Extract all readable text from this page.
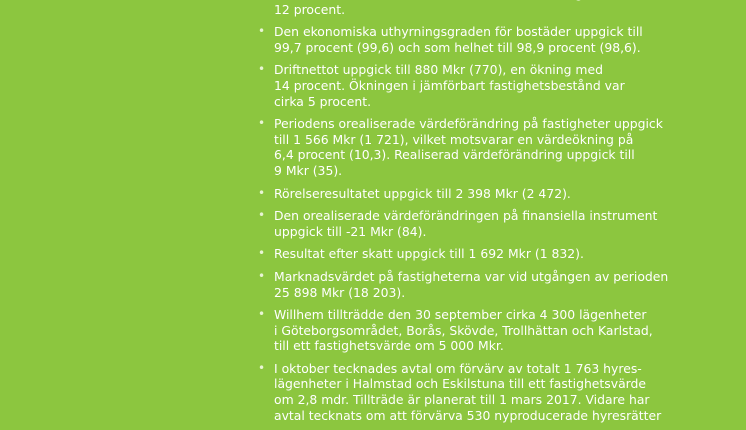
12 procent.
• Den ekonomiska uthyrningsgraden för bostäder uppgick till
99,7 procent (99,6) och som helhet till 98,9 procent (98,6).
• Driftnettot uppgick till 880 Mkr (770), en ökning med
14 procent. Ökningen i jämförbart fastighetsbestånd var
cirka 5 procent.
• Periodens orealiserade värdeförändring på fastigheter uppgick
till 1 566 Mkr (1 721), vilket motsvarar en värdeökning på
6,4 procent (10,3). Realiserad värdeförändring uppgick till
9 Mkr (35).
• Rörelseresultatet uppgick till 2 398 Mkr (2 472).
• Den orealiserade värdeförändringen på finansiella instrument
uppgick till -21 Mkr (84).
• Resultat efter skatt uppgick till 1 692 Mkr (1 832).
• Marknadsvärdet på fastigheterna var vid utgången av perioden
25 898 Mkr (18 203).
• Willhem tillträdde den 30 september cirka 4 300 lägenheter
i Göteborgsområdet, Borås, Skövde, Trollhättan och Karlstad,
till ett fastighetsvärde om 5 000 Mkr.
• I oktober tecknades avtal om förvärv av totalt 1 763 hyres-
lägenheter i Halmstad och Eskilstuna till ett fastighetsvärde
om 2,8 mdr. Tillträde är planerat till 1 mars 2017. Vidare har
avtal tecknats om att förvärva 530 nyproducerade hyresrätter
